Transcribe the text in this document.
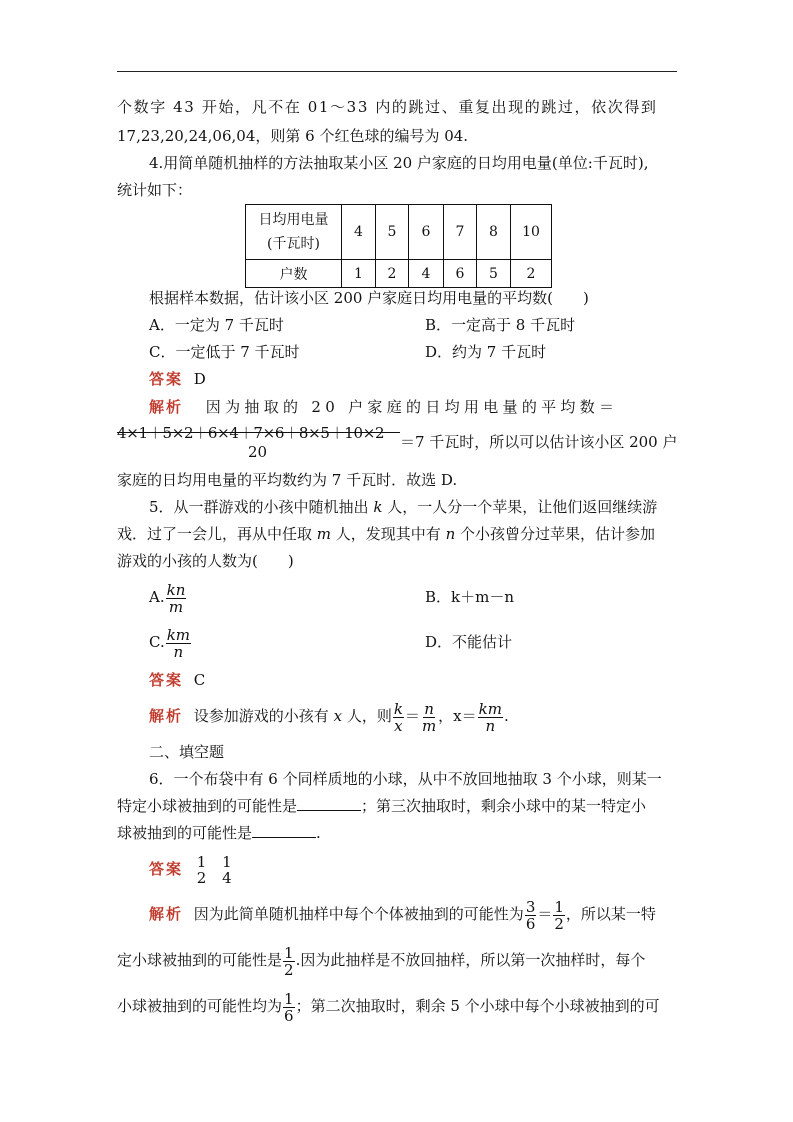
个数字 43 开始，凡不在 01～33 内的跳过、重复出现的跳过，依次得到
17,23,20,24,06,04，则第 6 个红色球的编号为 04.
4.用简单随机抽样的方法抽取某小区 20 户家庭的日均用电量(单位:千瓦时),
统计如下：
日均用电量
(千瓦时)	4	5	6	7	8	10
户数	1	2	4	6	5	2
根据样本数据，估计该小区 200 户家庭日均用电量的平均数(　　)
A．一定为 7 千瓦时	B．一定高于 8 千瓦时
C．一定低于 7 千瓦时	D．约为 7 千瓦时
答案 D
解析 因为抽取的 20 户家庭的日均用电量的平均数＝
4×1＋5×2＋6×4＋7×6＋8×5＋10×2
20
＝7 千瓦时，所以可以估计该小区 200 户
家庭的日均用电量的平均数约为 7 千瓦时．故选 D.
5．从一群游戏的小孩中随机抽出 k 人，一人分一个苹果，让他们返回继续游
戏．过了一会儿，再从中任取 m 人，发现其中有 n 个小孩曾分过苹果，估计参加
游戏的小孩的人数为(　　)
A. $\frac{kn}{m}$	B．k＋m－n
C. $\frac{km}{n}$	D．不能估计
答案 C
解析 设参加游戏的小孩有 x 人，则 $\frac{k}{x} = \frac{n}{m}$ ，$x= \frac{km}{n}$ .
二、填空题
6．一个布袋中有 6 个同样质地的小球，从中不放回地抽取 3 个小球，则某一
特定小球被抽到的可能性是	；第三次抽取时，剩余小球中的某一特定小
球被抽到的可能性是	.
答案 1
2

1
4
解析 因为此简单随机抽样中每个个体被抽到的可能性为 $\frac{3}{6} = \frac{1}{2}$ ，所以某一特
定小球被抽到的可能性是 $\frac{1}{2}$ .因为此抽样是不放回抽样，所以第一次抽样时，每个
小球被抽到的可能性均为 $\frac{1}{6}$ ；第二次抽取时，剩余 5 个小球中每个小球被抽到的可
